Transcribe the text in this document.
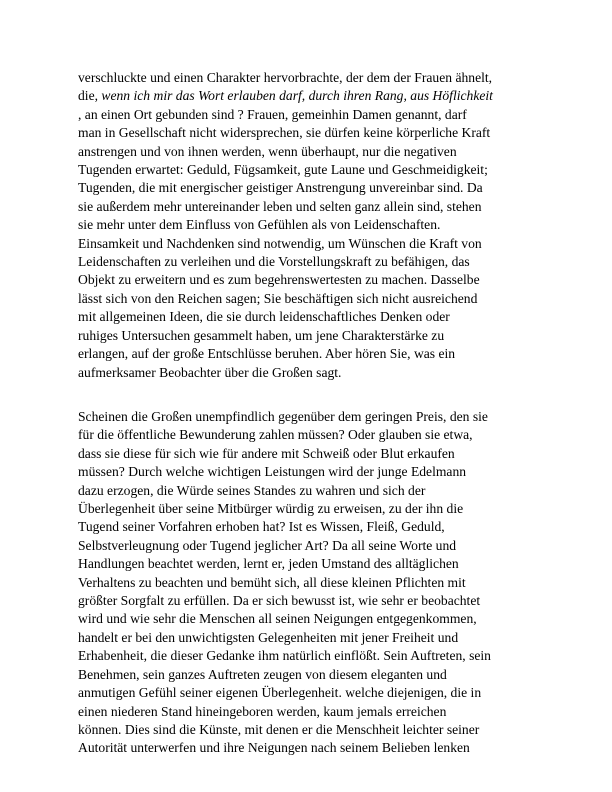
verschluckte und einen Charakter hervorbrachte, der dem der Frauen ähnelt,
die, wenn ich mir das Wort erlauben darf, durch ihren Rang, aus Höflichkeit
, an einen Ort gebunden sind ? Frauen, gemeinhin Damen genannt, darf
man in Gesellschaft nicht widersprechen, sie dürfen keine körperliche Kraft
anstrengen und von ihnen werden, wenn überhaupt, nur die negativen
Tugenden erwartet: Geduld, Fügsamkeit, gute Laune und Geschmeidigkeit;
Tugenden, die mit energischer geistiger Anstrengung unvereinbar sind. Da
sie außerdem mehr untereinander leben und selten ganz allein sind, stehen
sie mehr unter dem Einfluss von Gefühlen als von Leidenschaften.
Einsamkeit und Nachdenken sind notwendig, um Wünschen die Kraft von
Leidenschaften zu verleihen und die Vorstellungskraft zu befähigen, das
Objekt zu erweitern und es zum begehrenswertesten zu machen. Dasselbe
lässt sich von den Reichen sagen; Sie beschäftigen sich nicht ausreichend
mit allgemeinen Ideen, die sie durch leidenschaftliches Denken oder
ruhiges Untersuchen gesammelt haben, um jene Charakterstärke zu
erlangen, auf der große Entschlüsse beruhen. Aber hören Sie, was ein
aufmerksamer Beobachter über die Großen sagt.
Scheinen die Großen unempfindlich gegenüber dem geringen Preis, den sie
für die öffentliche Bewunderung zahlen müssen? Oder glauben sie etwa,
dass sie diese für sich wie für andere mit Schweiß oder Blut erkaufen
müssen? Durch welche wichtigen Leistungen wird der junge Edelmann
dazu erzogen, die Würde seines Standes zu wahren und sich der
Überlegenheit über seine Mitbürger würdig zu erweisen, zu der ihn die
Tugend seiner Vorfahren erhoben hat? Ist es Wissen, Fleiß, Geduld,
Selbstverleugnung oder Tugend jeglicher Art? Da all seine Worte und
Handlungen beachtet werden, lernt er, jeden Umstand des alltäglichen
Verhaltens zu beachten und bemüht sich, all diese kleinen Pflichten mit
größter Sorgfalt zu erfüllen. Da er sich bewusst ist, wie sehr er beobachtet
wird und wie sehr die Menschen all seinen Neigungen entgegenkommen,
handelt er bei den unwichtigsten Gelegenheiten mit jener Freiheit und
Erhabenheit, die dieser Gedanke ihm natürlich einflößt. Sein Auftreten, sein
Benehmen, sein ganzes Auftreten zeugen von diesem eleganten und
anmutigen Gefühl seiner eigenen Überlegenheit. welche diejenigen, die in
einen niederen Stand hineingeboren werden, kaum jemals erreichen
können. Dies sind die Künste, mit denen er die Menschheit leichter seiner
Autorität unterwerfen und ihre Neigungen nach seinem Belieben lenken
